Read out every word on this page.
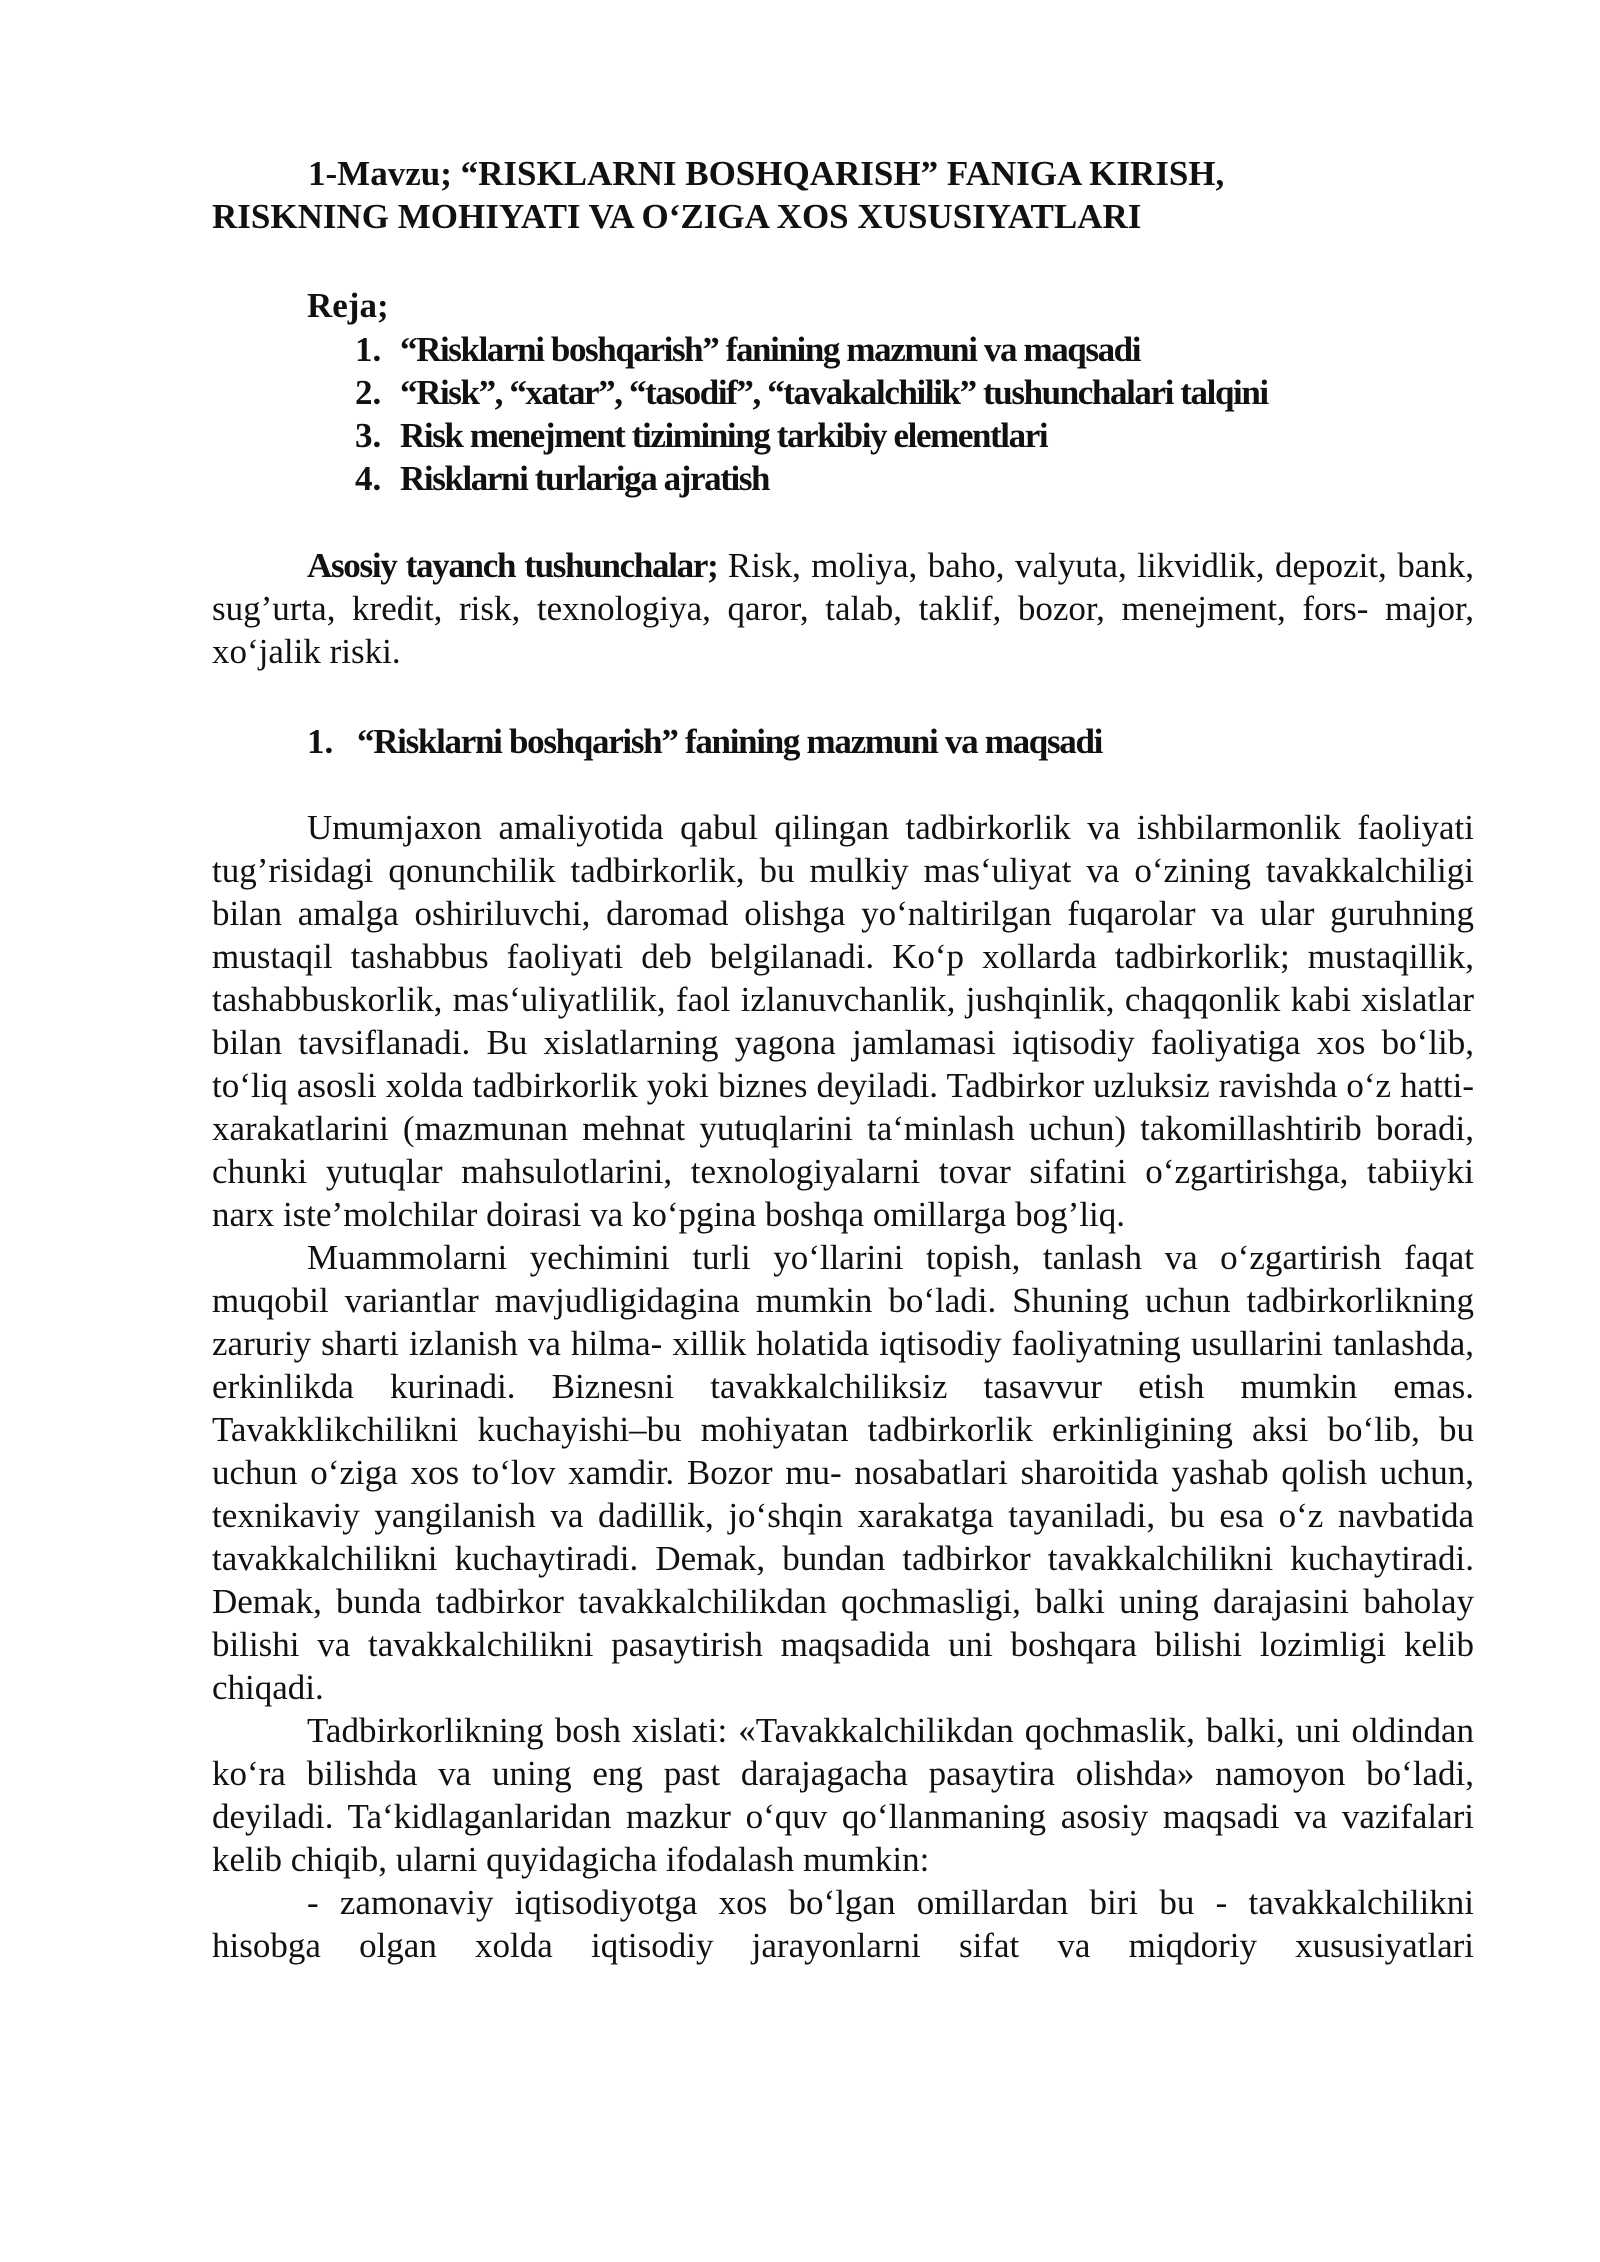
1-Mavzu; “RISKLARNI BOSHQARISH” FANIGA KIRISH,
RISKNING MOHIYATI VA O‘ZIGA XOS XUSUSIYATLARI
Reja;
1. “Risklarni boshqarish” fanining mazmuni va maqsadi
2. “Risk”, “xatar”, “tasodif”, “tavakalchilik” tushunchalari talqini
3. Risk menejment tizimining tarkibiy elementlari
4. Risklarni turlariga ajratish
Asosiy tayanch tushunchalar; Risk, moliya, baho, valyuta, likvidlik, depozit, bank, sug’urta, kredit, risk, texnologiya, qaror, talab, taklif, bozor, menejment, fors- major, xo‘jalik riski.
1. “Risklarni boshqarish” fanining mazmuni va maqsadi

Umumjaxon amaliyotida qabul qilingan tadbirkorlik va ishbilarmonlik faoliyati tug’risidagi qonunchilik tadbirkorlik, bu mulkiy mas‘uliyat va o‘zining tavakkalchiligi bilan amalga oshiriluvchi, daromad olishga yo‘naltirilgan fuqarolar va ular guruhning mustaqil tashabbus faoliyati deb belgilanadi. Ko‘p xollarda tadbirkorlik; mustaqillik, tashabbuskorlik, mas‘uliyatlilik, faol izlanuvchanlik, jushqinlik, chaqqonlik kabi xislatlar bilan tavsiflanadi. Bu xislatlarning yagona jamlamasi iqtisodiy faoliyatiga xos bo‘lib, to‘liq asosli xolda tadbirkorlik yoki biznes deyiladi. Tadbirkor uzluksiz ravishda o‘z hatti-xarakatlarini (mazmunan mehnat yutuqlarini ta‘minlash uchun) takomillashtirib boradi, chunki yutuqlar mahsulotlarini, texnologiyalarni tovar sifatini o‘zgartirishga, tabiiyki narx iste’molchilar doirasi va ko‘pgina boshqa omillarga bog’liq.

Muammolarni yechimini turli yo‘llarini topish, tanlash va o‘zgartirish faqat muqobil variantlar mavjudligidagina mumkin bo‘ladi. Shuning uchun tadbirkorlikning zaruriy sharti izlanish va hilma- xillik holatida iqtisodiy faoliyatning usullarini tanlashda, erkinlikda kurinadi. Biznesni tavakkalchiliksiz tasavvur etish mumkin emas. Tavakklikchilikni kuchayishi–bu mohiyatan tadbirkorlik erkinligining aksi bo‘lib, bu uchun o‘ziga xos to‘lov xamdir. Bozor mu- nosabatlari sharoitida yashab qolish uchun, texnikaviy yangilanish va dadillik, jo‘shqin xarakatga tayaniladi, bu esa o‘z navbatida tavakkalchilikni kuchaytiradi. Demak, bundan tadbirkor tavakkalchilikni kuchaytiradi. Demak, bunda tadbirkor tavakkalchilikdan qochmasligi, balki uning darajasini baholay bilishi va tavakkalchilikni pasaytirish maqsadida uni boshqara bilishi lozimligi kelib chiqadi.

Tadbirkorlikning bosh xislati: «Tavakkalchilikdan qochmaslik, balki, uni oldindan ko‘ra bilishda va uning eng past darajagacha pasaytira olishda» namoyon bo‘ladi, deyiladi. Ta‘kidlaganlaridan mazkur o‘quv qo‘llanmaning asosiy maqsadi va vazifalari kelib chiqib, ularni quyidagicha ifodalash mumkin:

- zamonaviy iqtisodiyotga xos bo‘lgan omillardan biri bu - tavakkalchilikni hisobga olgan xolda iqtisodiy jarayonlarni sifat va miqdoriy xususiyatlari
